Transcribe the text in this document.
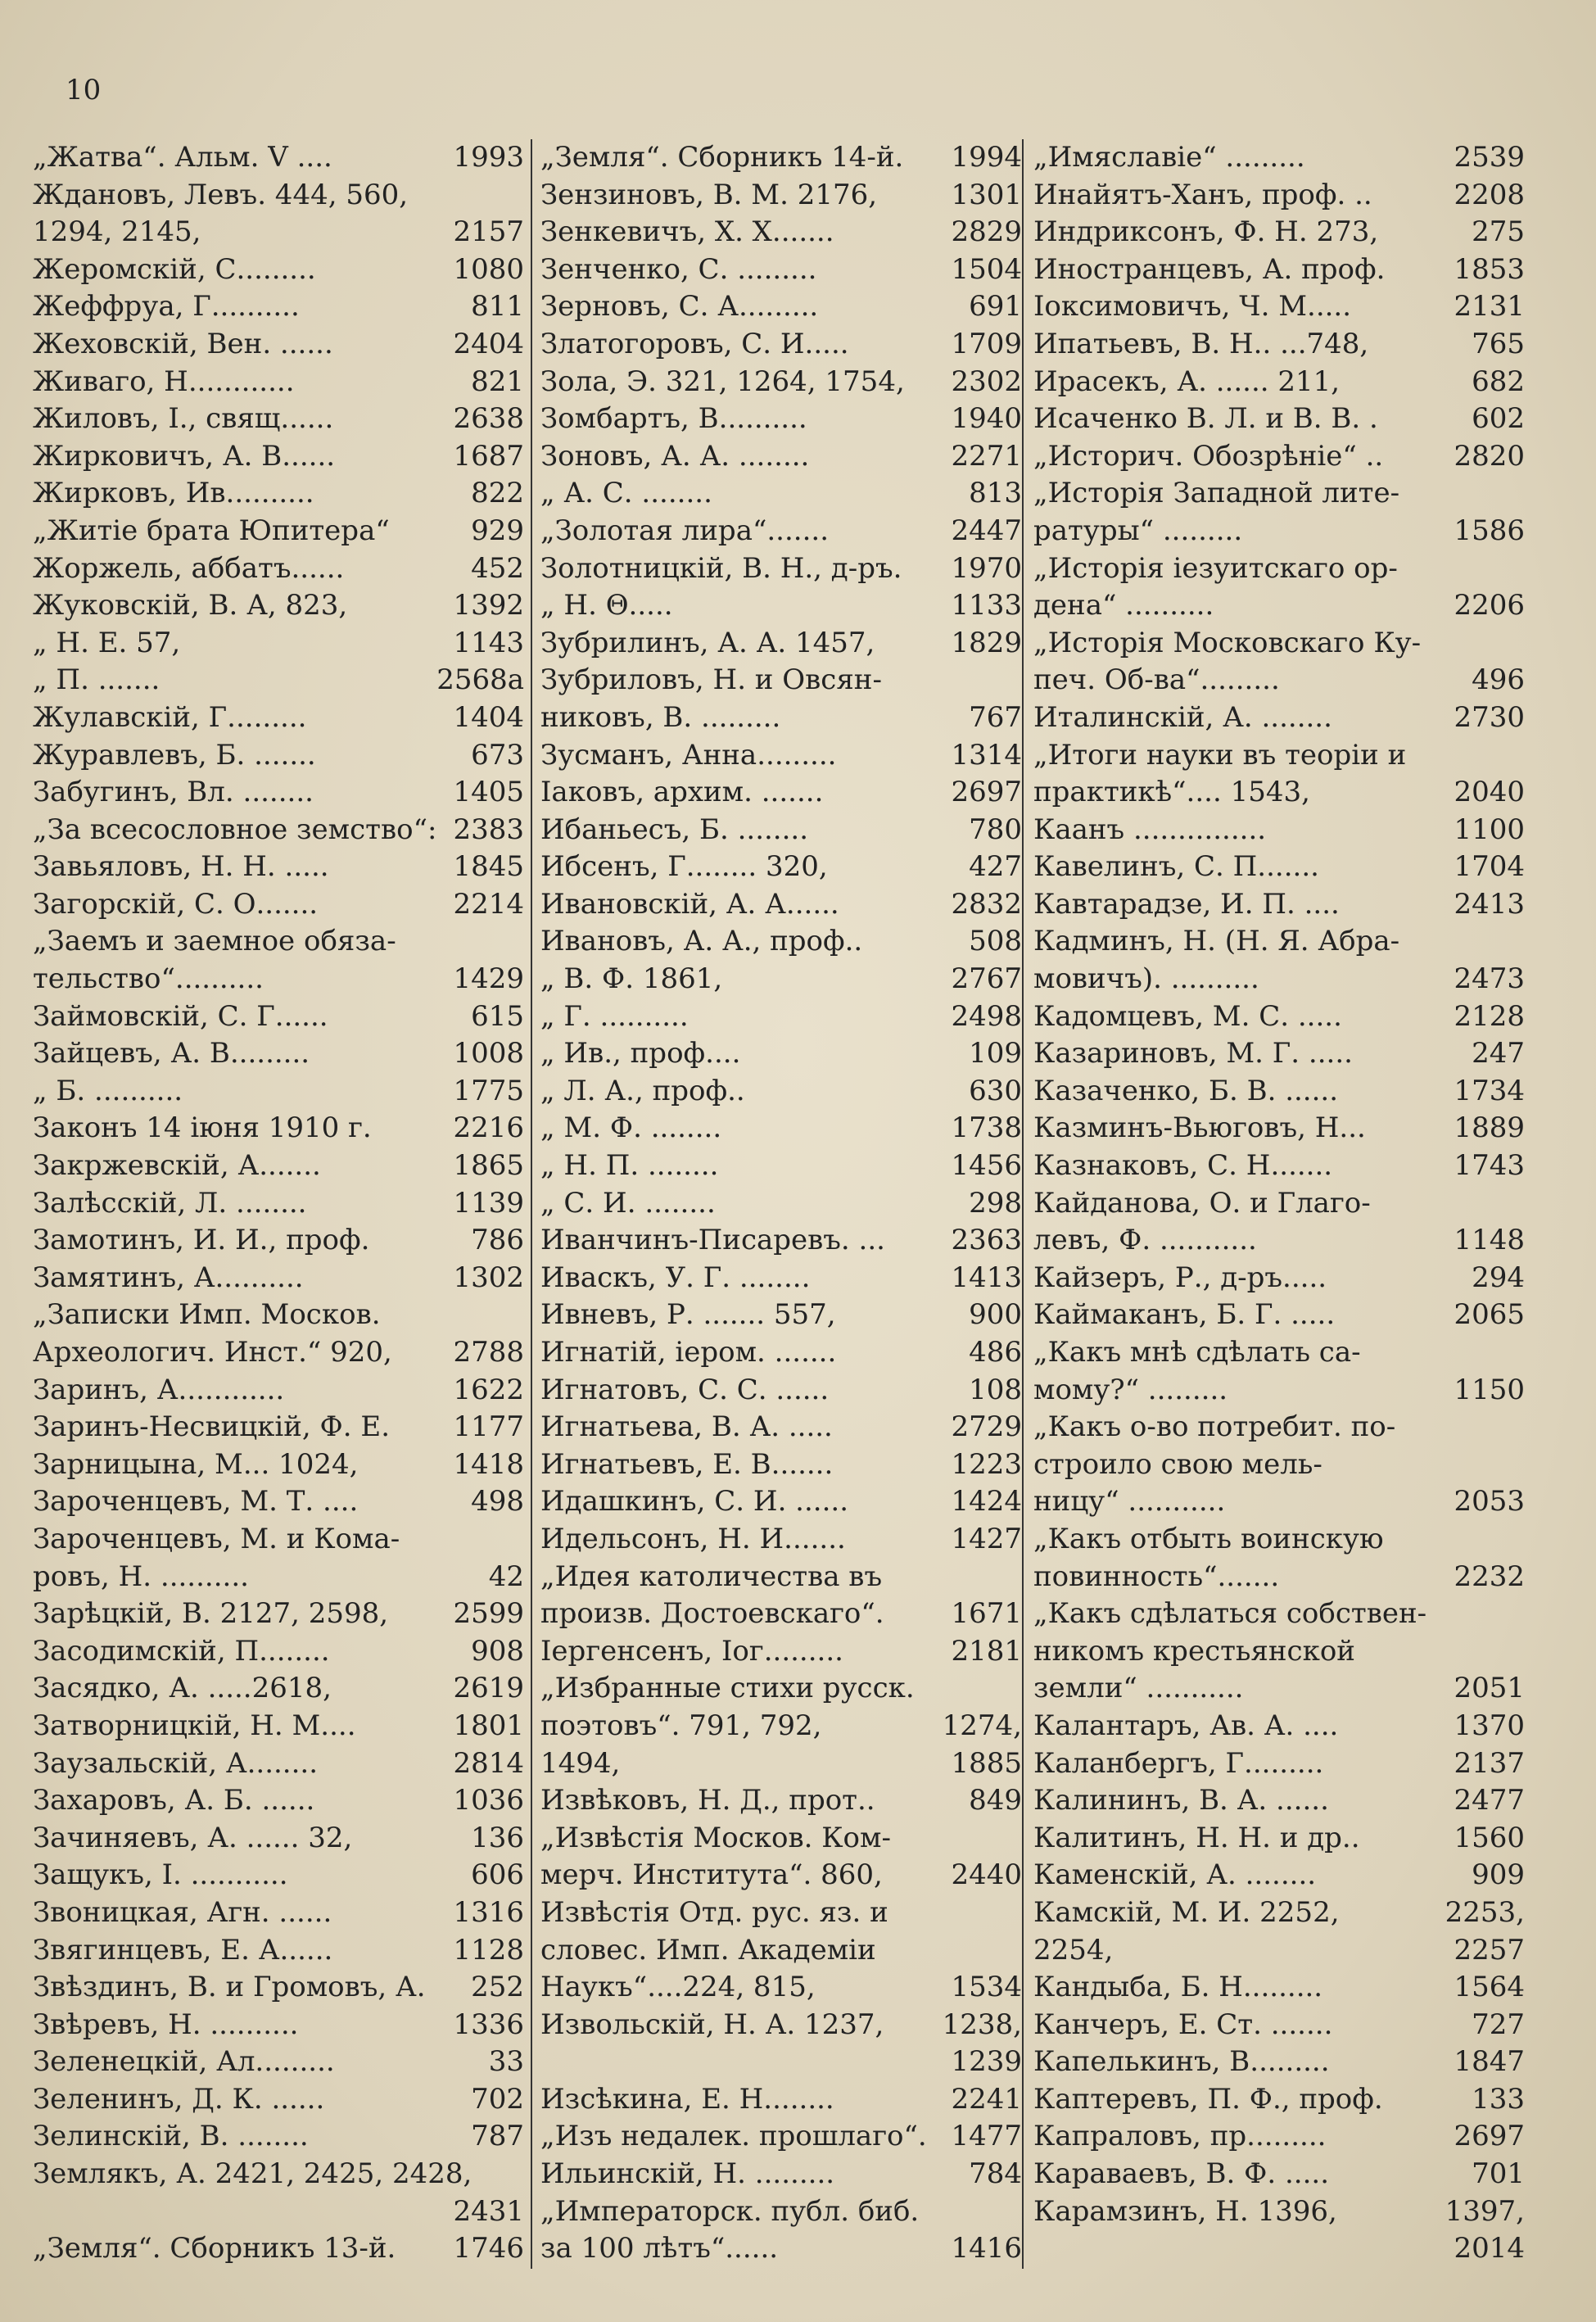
10
„Жатва“. Альм. V ....	1993
Ждановъ, Левъ. 444, 560,
1294, 2145,	2157
Жеромскій, С.........	1080
Жеффруа, Г..........	811
Жеховскій, Вен. ......	2404
Живаго, Н............	821
Жиловъ, І., свящ......	2638
Жирковичъ, А. В......	1687
Жирковъ, Ив..........	822
„Житіе брата Юпитера“	929
Жоржель, аббатъ......	452
Жуковскій, В. А, 823,	1392
„ Н. Е. 57,	1143
„ П. .......	2568а
Жулавскій, Г.........	1404
Журавлевъ, Б. .......	673
Забугинъ, Вл. ........	1405
„За всесословное земство“: 2383
Завьяловъ, Н. Н. .....	1845
Загорскій, С. О.......	2214
„Заемъ и заемное обяза-
тельство“..........	1429
Займовскій, С. Г......	615
Зайцевъ, А. В.........	1008
„ Б. ..........	1775
Законъ 14 іюня 1910 г.	2216
Закржевскій, А.......	1865
Залѣсскій, Л. ........	1139
Замотинъ, И. И., проф.	786
Замятинъ, А..........	1302
„Записки Имп. Москов.
Археологич. Инст.“ 920,	2788
Заринъ, А............	1622
Заринъ-Несвицкій, Ф. Е.	1177
Зарницына, М... 1024,	1418
Зароченцевъ, М. Т. ....	498
Зароченцевъ, М. и Кома-
ровъ, Н. ..........	42
Зарѣцкій, В. 2127, 2598,	2599
Засодимскій, П........	908
Засядко, А. .....2618,	2619
Затворницкій, Н. М....	1801
Заузальскій, А........	2814
Захаровъ, А. Б. ......	1036
Зачиняевъ, А. ...... 32,	136
Защукъ, І. ...........	606
Звоницкая, Агн. ......	1316
Звягинцевъ, Е. А......	1128
Звѣздинъ, В. и Громовъ, А.	252
Звѣревъ, Н. ..........	1336
Зеленецкій, Ал.........	33
Зеленинъ, Д. К. ......	702
Зелинскій, В. ........	787
Землякъ, А. 2421, 2425, 2428,
2431
„Земля“. Сборникъ 13-й.	1746
„Земля“. Сборникъ 14-й.	1994
Зензиновъ, В. М. 2176,	1301
Зенкевичъ, Х. Х.......	2829
Зенченко, С. .........	1504
Зерновъ, С. А.........	691
Златогоровъ, С. И.....	1709
Зола, Э. 321, 1264, 1754,	2302
Зомбартъ, В..........	1940
Зоновъ, А. А. ........	2271
„ А. С. ........	813
„Золотая лира“.......	2447
Золотницкій, В. Н., д-ръ.	1970
„ Н. Θ.....	1133
Зубрилинъ, А. А. 1457,	1829
Зубриловъ, Н. и Овсян-
никовъ, В. .........	767
Зусманъ, Анна.........	1314
Іаковъ, архим. .......	2697
Ибаньесъ, Б. ........	780
Ибсенъ, Г........ 320,	427
Ивановскій, А. А......	2832
Ивановъ, А. А., проф..	508
„ В. Ф. 1861,	2767
„ Г. ..........	2498
„ Ив., проф....	109
„ Л. А., проф..	630
„ М. Ф. ........	1738
„ Н. П. ........	1456
„ С. И. ........	298
Иванчинъ-Писаревъ. ...	2363
Иваскъ, У. Г. ........	1413
Ивневъ, Р. ....... 557,	900
Игнатій, іером. .......	486
Игнатовъ, С. С. ......	108
Игнатьева, В. А. .....	2729
Игнатьевъ, Е. В.......	1223
Идашкинъ, С. И. ......	1424
Идельсонъ, Н. И.......	1427
„Идея католичества въ
произв. Достоевскаго“.	1671
Іергенсенъ, Іог.........	2181
„Избранные стихи русск.
поэтовъ“. 791, 792,	1274,
1494,	1885
Извѣковъ, Н. Д., прот..	849
„Извѣстія Москов. Ком-
мерч. Института“. 860,	2440
Извѣстія Отд. рус. яз. и
словес. Имп. Академіи
Наукъ“....224, 815,	1534
Извольскій, Н. А. 1237,	1238,
1239
Изсѣкина, Е. Н........	2241
„Изъ недалек. прошлаго“. 1477
Ильинскій, Н. .........	784
„Императорск. публ. биб.
за 100 лѣтъ“......	1416
„Имяславіе“ .........	2539
Инайятъ-Ханъ, проф. ..	2208
Индриксонъ, Ф. Н. 273,	275
Иностранцевъ, А. проф.	1853
Іоксимовичъ, Ч. М.....	2131
Ипатьевъ, В. Н.. ...748,	765
Ирасекъ, А. ...... 211,	682
Исаченко В. Л. и В. В. .	602
„Историч. Обозрѣніе“ ..	2820
„Исторія Западной лите-
ратуры“ .........	1586
„Исторія іезуитскаго ор-
дена“ ..........	2206
„Исторія Московскаго Ку-
печ. Об-ва“.........	496
Италинскій, А. ........	2730
„Итоги науки въ теоріи и
практикѣ“.... 1543,	2040
Каанъ ...............	1100
Кавелинъ, С. П.......	1704
Кавтарадзе, И. П. ....	2413
Кадминъ, Н. (Н. Я. Абра-
мовичъ). ..........	2473
Кадомцевъ, М. С. .....	2128
Казариновъ, М. Г. .....	247
Казаченко, Б. В. ......	1734
Казминъ-Вьюговъ, Н...	1889
Казнаковъ, С. Н.......	1743
Кайданова, О. и Глаго-
левъ, Ф. ...........	1148
Кайзеръ, Р., д-ръ.....	294
Каймаканъ, Б. Г. .....	2065
„Какъ мнѣ сдѣлать са-
мому?“ .........	1150
„Какъ о-во потребит. по-
строило свою мель-
ницу“ ...........	2053
„Какъ отбыть воинскую
повинность“.......	2232
„Какъ сдѣлаться собствен-
никомъ крестьянской
земли“ ...........	2051
Калантаръ, Ав. А. ....	1370
Каланбергъ, Г.........	2137
Калининъ, В. А. ......	2477
Калитинъ, Н. Н. и др..	1560
Каменскій, А. ........	909
Камскій, М. И. 2252,	2253,
2254,	2257
Кандыба, Б. Н.........	1564
Канчеръ, Е. Ст. .......	727
Капелькинъ, В.........	1847
Каптеревъ, П. Ф., проф.	133
Капраловъ, пр.........	2697
Караваевъ, В. Ф. .....	701
Карамзинъ, Н. 1396,	1397,
2014
